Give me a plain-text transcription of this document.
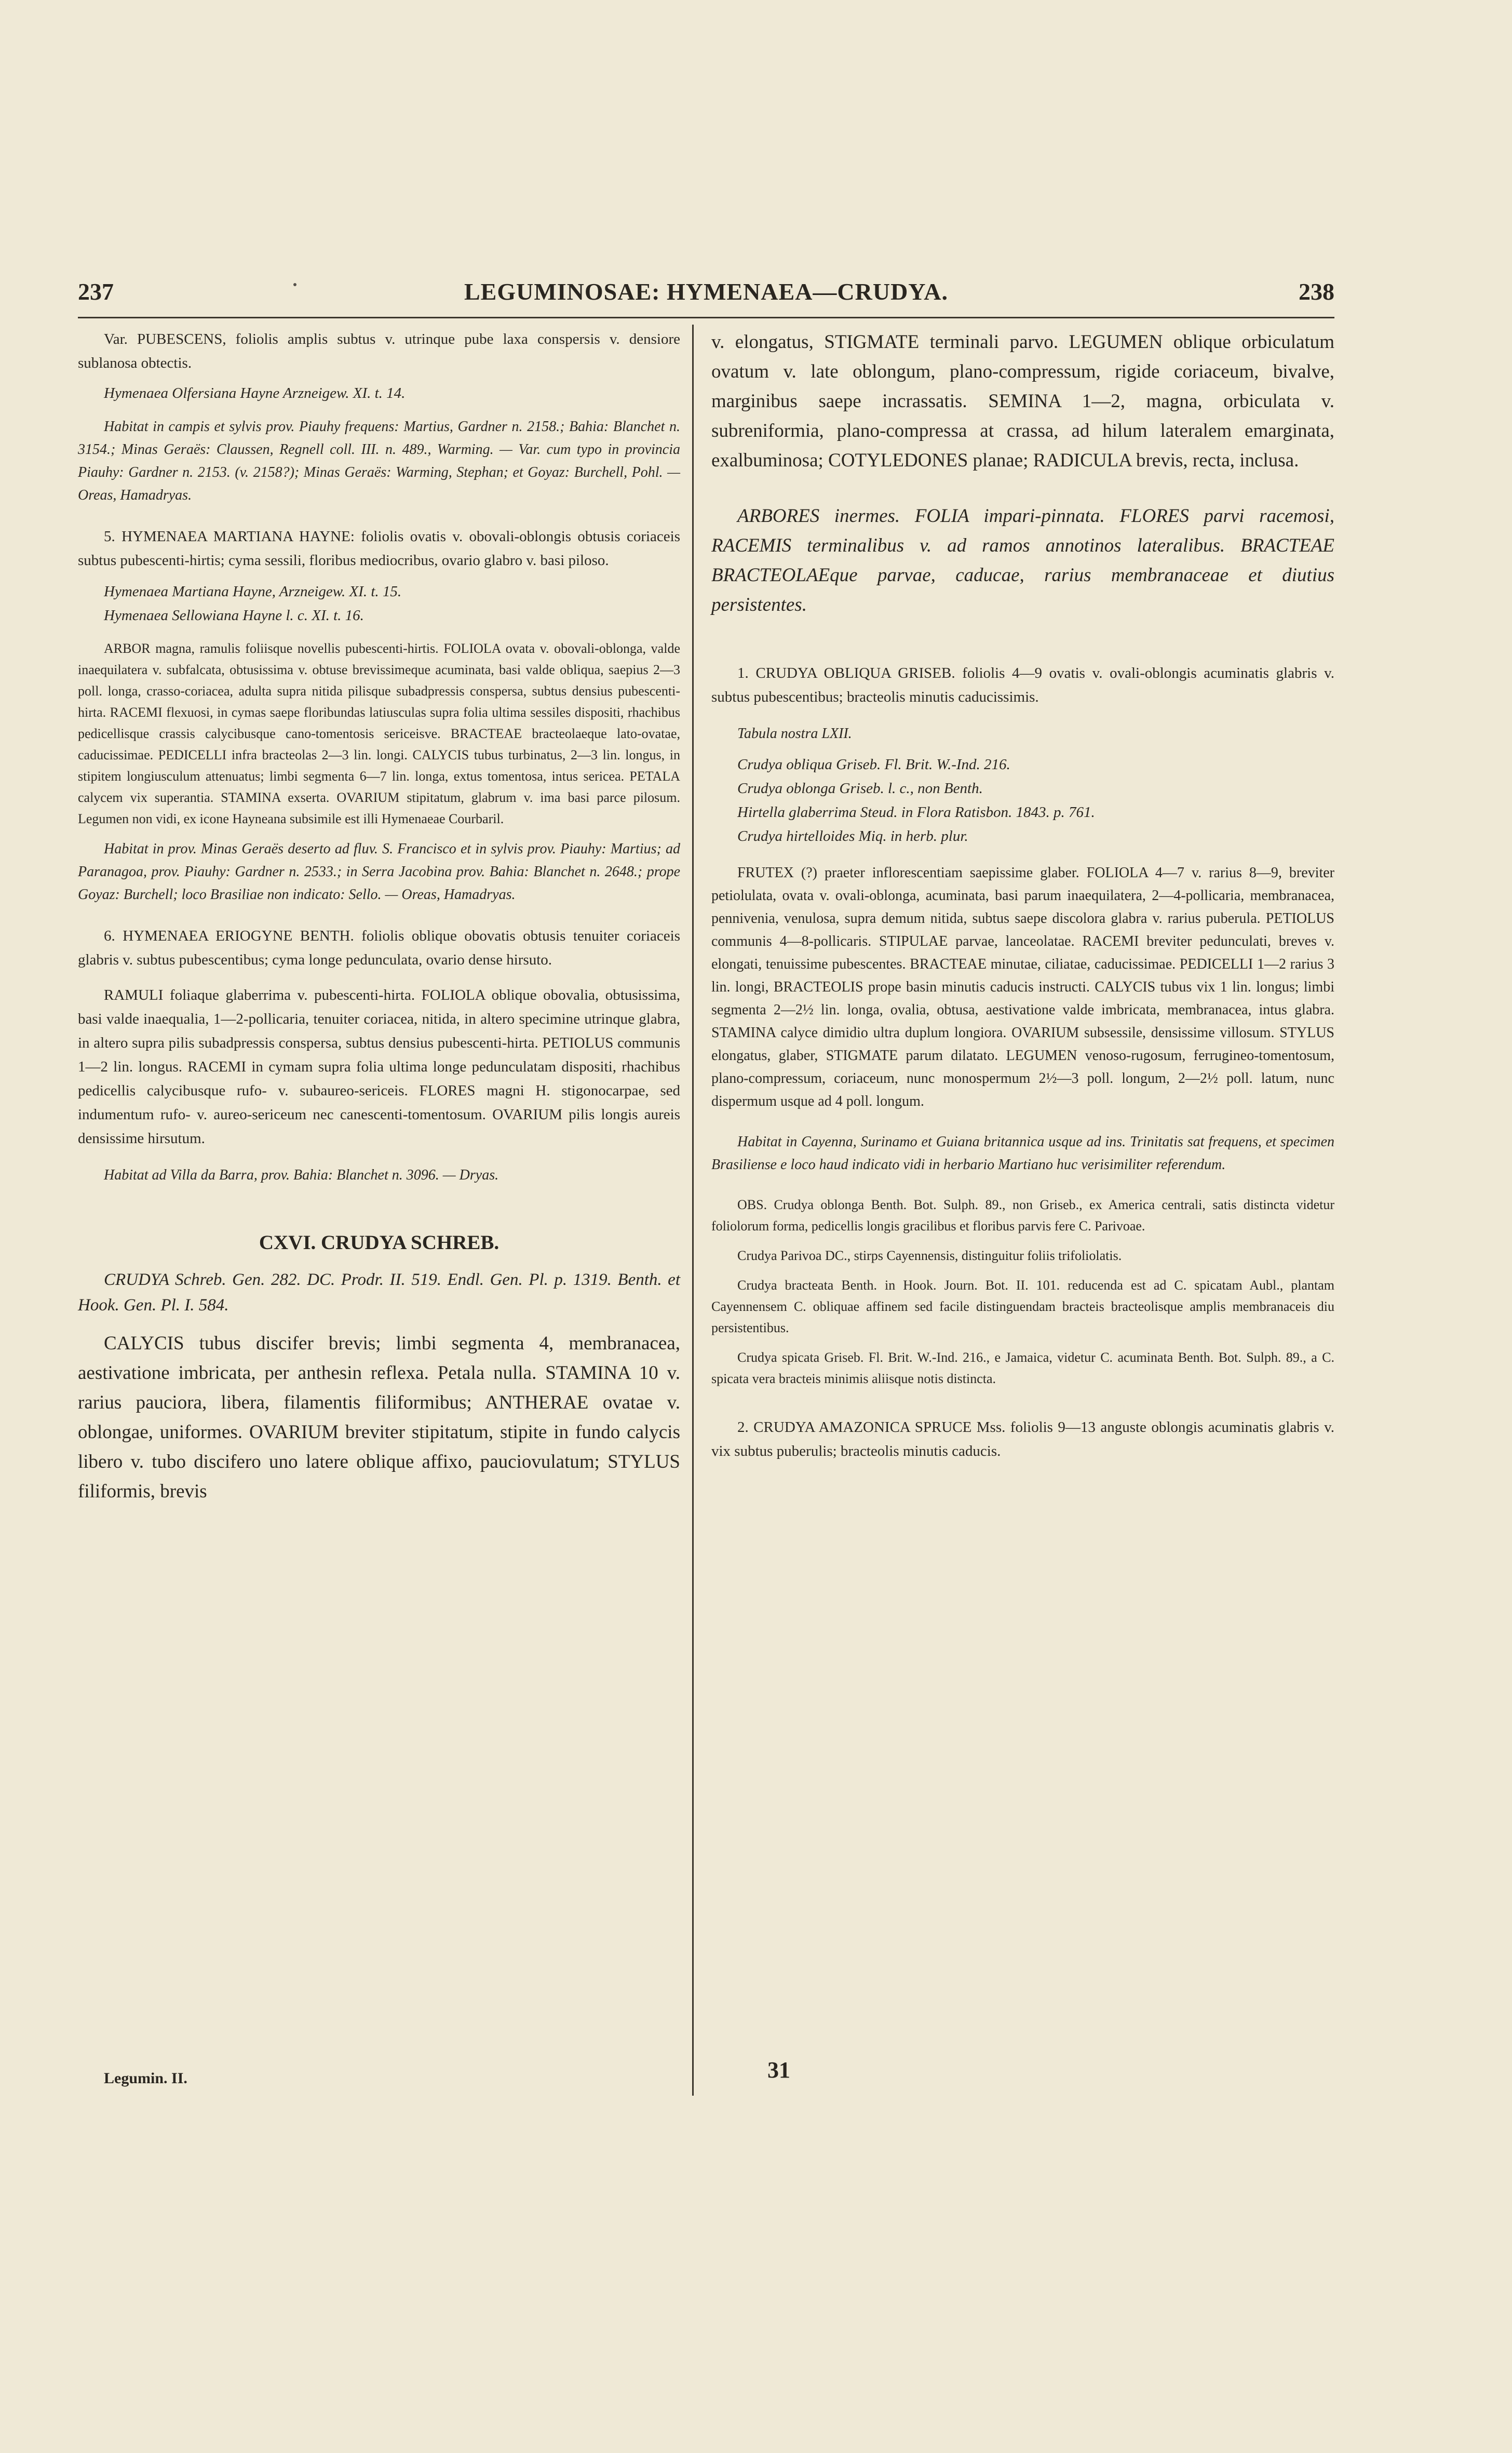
237	LEGUMINOSAE: HYMENAEA—CRUDYA.	238

Var. PUBESCENS, foliolis amplis subtus v. utrinque pube laxa conspersis v. densiore sublanosa obtectis.

Hymenaea Olfersiana Hayne Arzneigew. XI. t. 14.

Habitat in campis et sylvis prov. Piauhy frequens: Martius, Gardner n. 2158.; Bahia: Blanchet n. 3154.; Minas Geraës: Claussen, Regnell coll. III. n. 489., Warming. — Var. cum typo in provincia Piauhy: Gardner n. 2153. (v. 2158?); Minas Geraës: Warming, Stephan; et Goyaz: Burchell, Pohl. — Oreas, Hamadryas.

5. HYMENAEA MARTIANA HAYNE: foliolis ovatis v. obovali-oblongis obtusis coriaceis subtus pubescenti-hirtis; cyma sessili, floribus mediocribus, ovario glabro v. basi piloso.

Hymenaea Martiana Hayne, Arzneigew. XI. t. 15.

Hymenaea Sellowiana Hayne l. c. XI. t. 16.

ARBOR magna, ramulis foliisque novellis pubescenti-hirtis. FOLIOLA ovata v. obovali-oblonga, valde inaequilatera v. subfalcata, obtusissima v. obtuse brevissimeque acuminata, basi valde obliqua, saepius 2—3 poll. longa, crasso-coriacea, adulta supra nitida pilisque subadpressis conspersa, subtus densius pubescenti-hirta. RACEMI flexuosi, in cymas saepe floribundas latiusculas supra folia ultima sessiles dispositi, rhachibus pedicellisque crassis calycibusque cano-tomentosis sericeisve. BRACTEAE bracteolaeque lato-ovatae, caducissimae. PEDICELLI infra bracteolas 2—3 lin. longi. CALYCIS tubus turbinatus, 2—3 lin. longus, in stipitem longiusculum attenuatus; limbi segmenta 6—7 lin. longa, extus tomentosa, intus sericea. PETALA calycem vix superantia. STAMINA exserta. OVARIUM stipitatum, glabrum v. ima basi parce pilosum. Legumen non vidi, ex icone Hayneana subsimile est illi Hymenaeae Courbaril.

Habitat in prov. Minas Geraës deserto ad fluv. S. Francisco et in sylvis prov. Piauhy: Martius; ad Paranagoa, prov. Piauhy: Gardner n. 2533.; in Serra Jacobina prov. Bahia: Blanchet n. 2648.; prope Goyaz: Burchell; loco Brasiliae non indicato: Sello. — Oreas, Hamadryas.

6. HYMENAEA ERIOGYNE BENTH. foliolis oblique obovatis obtusis tenuiter coriaceis glabris v. subtus pubescentibus; cyma longe pedunculata, ovario dense hirsuto.

RAMULI foliaque glaberrima v. pubescenti-hirta. FOLIOLA oblique obovalia, obtusissima, basi valde inaequalia, 1—2-pollicaria, tenuiter coriacea, nitida, in altero specimine utrinque glabra, in altero supra pilis subadpressis conspersa, subtus densius pubescenti-hirta. PETIOLUS communis 1—2 lin. longus. RACEMI in cymam supra folia ultima longe pedunculatam dispositi, rhachibus pedicellis calycibusque rufo- v. subaureo-sericeis. FLORES magni H. stigonocarpae, sed indumentum rufo- v. aureo-sericeum nec canescenti-tomentosum. OVARIUM pilis longis aureis densissime hirsutum.

Habitat ad Villa da Barra, prov. Bahia: Blanchet n. 3096. — Dryas.

CXVI. CRUDYA SCHREB.

CRUDYA Schreb. Gen. 282. DC. Prodr. II. 519. Endl. Gen. Pl. p. 1319. Benth. et Hook. Gen. Pl. I. 584.

CALYCIS tubus discifer brevis; limbi segmenta 4, membranacea, aestivatione imbricata, per anthesin reflexa. Petala nulla. STAMINA 10 v. rarius pauciora, libera, filamentis filiformibus; ANTHERAE ovatae v. oblongae, uniformes. OVARIUM breviter stipitatum, stipite in fundo calycis libero v. tubo discifero uno latere oblique affixo, pauciovulatum; STYLUS filiformis, brevis

Legumin. II.

v. elongatus, STIGMATE terminali parvo. LEGUMEN oblique orbiculatum ovatum v. late oblongum, plano-compressum, rigide coriaceum, bivalve, marginibus saepe incrassatis. SEMINA 1—2, magna, orbiculata v. subreniformia, plano-compressa at crassa, ad hilum lateralem emarginata, exalbuminosa; COTYLEDONES planae; RADICULA brevis, recta, inclusa.

ARBORES inermes. FOLIA impari-pinnata. FLORES parvi racemosi, RACEMIS terminalibus v. ad ramos annotinos lateralibus. BRACTEAE BRACTEOLAEque parvae, caducae, rarius membranaceae et diutius persistentes.

1. CRUDYA OBLIQUA GRISEB. foliolis 4—9 ovatis v. ovali-oblongis acuminatis glabris v. subtus pubescentibus; bracteolis minutis caducissimis.

Tabula nostra LXII.

Crudya obliqua Griseb. Fl. Brit. W.-Ind. 216.

Crudya oblonga Griseb. l. c., non Benth.

Hirtella glaberrima Steud. in Flora Ratisbon. 1843. p. 761.

Crudya hirtelloides Miq. in herb. plur.

FRUTEX (?) praeter inflorescentiam saepissime glaber. FOLIOLA 4—7 v. rarius 8—9, breviter petiolulata, ovata v. ovali-oblonga, acuminata, basi parum inaequilatera, 2—4-pollicaria, membranacea, pennivenia, venulosa, supra demum nitida, subtus saepe discolora glabra v. rarius puberula. PETIOLUS communis 4—8-pollicaris. STIPULAE parvae, lanceolatae. RACEMI breviter pedunculati, breves v. elongati, tenuissime pubescentes. BRACTEAE minutae, ciliatae, caducissimae. PEDICELLI 1—2 rarius 3 lin. longi, BRACTEOLIS prope basin minutis caducis instructi. CALYCIS tubus vix 1 lin. longus; limbi segmenta 2—2½ lin. longa, ovalia, obtusa, aestivatione valde imbricata, membranacea, intus glabra. STAMINA calyce dimidio ultra duplum longiora. OVARIUM subsessile, densissime villosum. STYLUS elongatus, glaber, STIGMATE parum dilatato. LEGUMEN venoso-rugosum, ferrugineo-tomentosum, plano-compressum, coriaceum, nunc monospermum 2½—3 poll. longum, 2—2½ poll. latum, nunc dispermum usque ad 4 poll. longum.

Habitat in Cayenna, Surinamo et Guiana britannica usque ad ins. Trinitatis sat frequens, et specimen Brasiliense e loco haud indicato vidi in herbario Martiano huc verisimiliter referendum.

OBS. Crudya oblonga Benth. Bot. Sulph. 89., non Griseb., ex America centrali, satis distincta videtur foliolorum forma, pedicellis longis gracilibus et floribus parvis fere C. Parivoae.

Crudya Parivoa DC., stirps Cayennensis, distinguitur foliis trifoliolatis.

Crudya bracteata Benth. in Hook. Journ. Bot. II. 101. reducenda est ad C. spicatam Aubl., plantam Cayennensem C. obliquae affinem sed facile distinguendam bracteis bracteolisque amplis membranaceis diu persistentibus.

Crudya spicata Griseb. Fl. Brit. W.-Ind. 216., e Jamaica, videtur C. acuminata Benth. Bot. Sulph. 89., a C. spicata vera bracteis minimis aliisque notis distincta.

2. CRUDYA AMAZONICA SPRUCE Mss. foliolis 9—13 anguste oblongis acuminatis glabris v. vix subtus puberulis; bracteolis minutis caducis.

31
